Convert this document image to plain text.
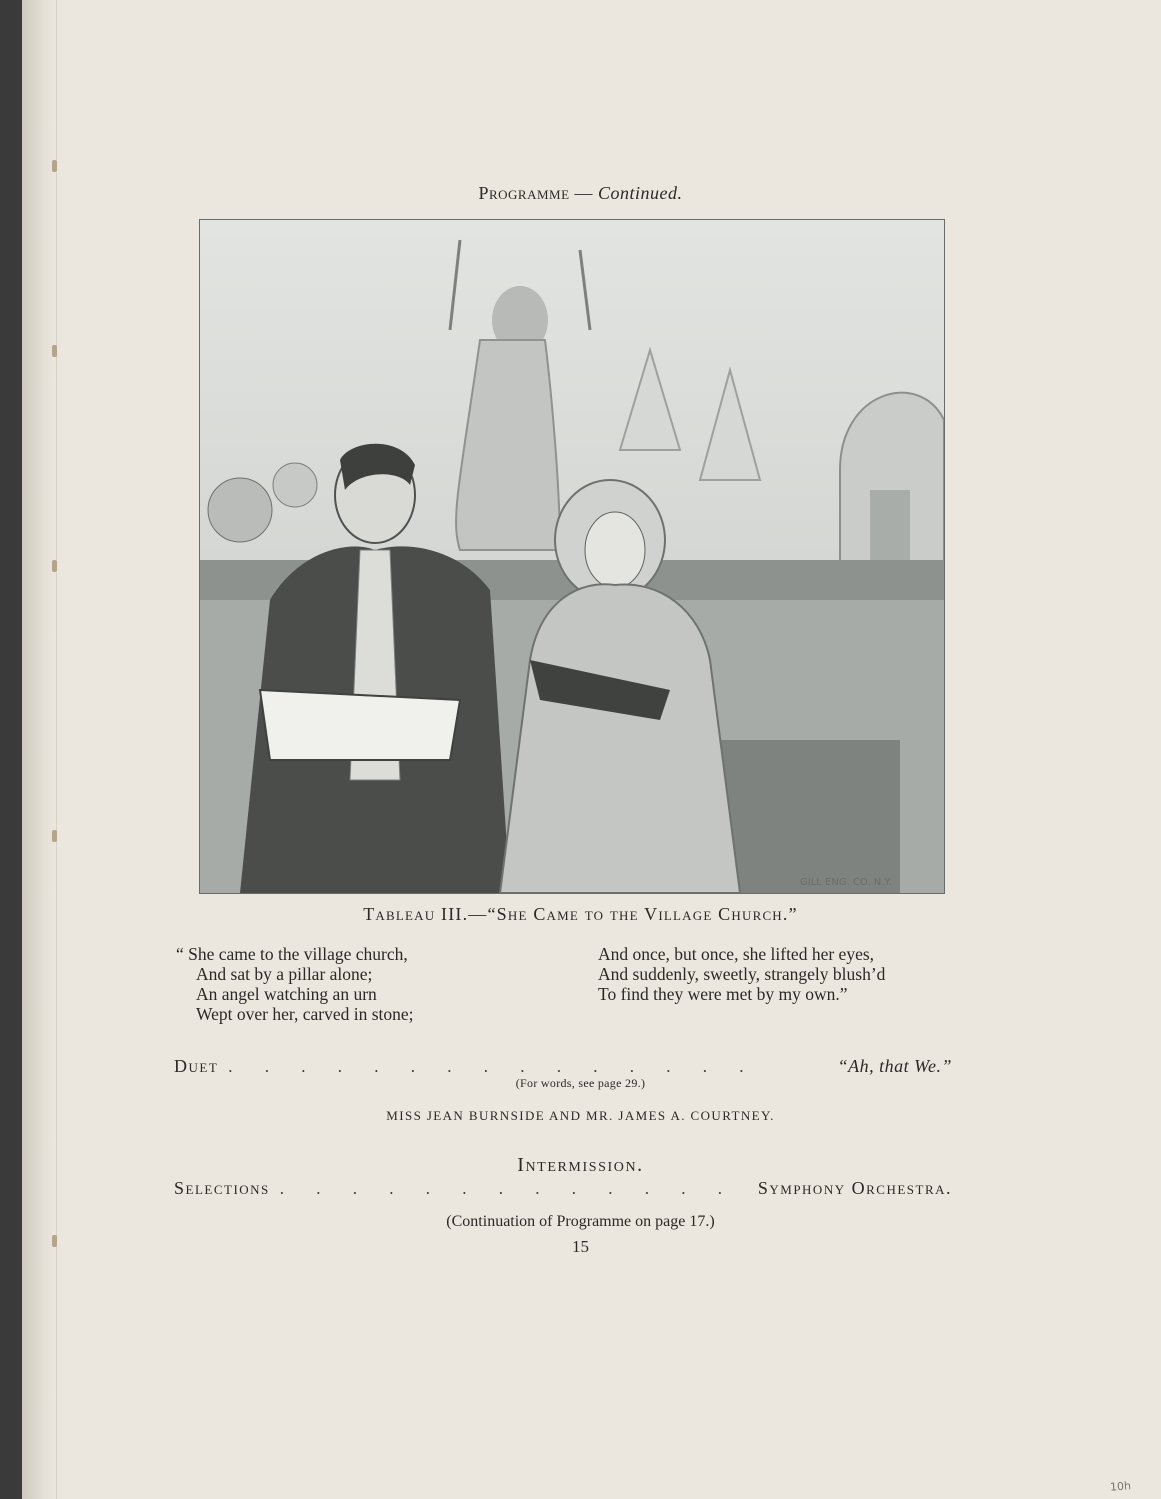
Programme — Continued.
GILL ENG. CO. N.Y.
Tableau III.—“She Came to the Village Church.”
“ She came to the village church,
And sat by a pillar alone;
An angel watching an urn
Wept over her, carved in stone;
And once, but once, she lifted her eyes,
And suddenly, sweetly, strangely blush’d
To find they were met by my own.”
Duet . . . . . . . . . . . . . . .	“Ah, that We.”
(For words, see page 29.)
MISS JEAN BURNSIDE AND MR. JAMES A. COURTNEY.
Intermission.
Selections . . . . . . . . . . . . .	Symphony Orchestra.
(Continuation of Programme on page 17.)
15
10h
